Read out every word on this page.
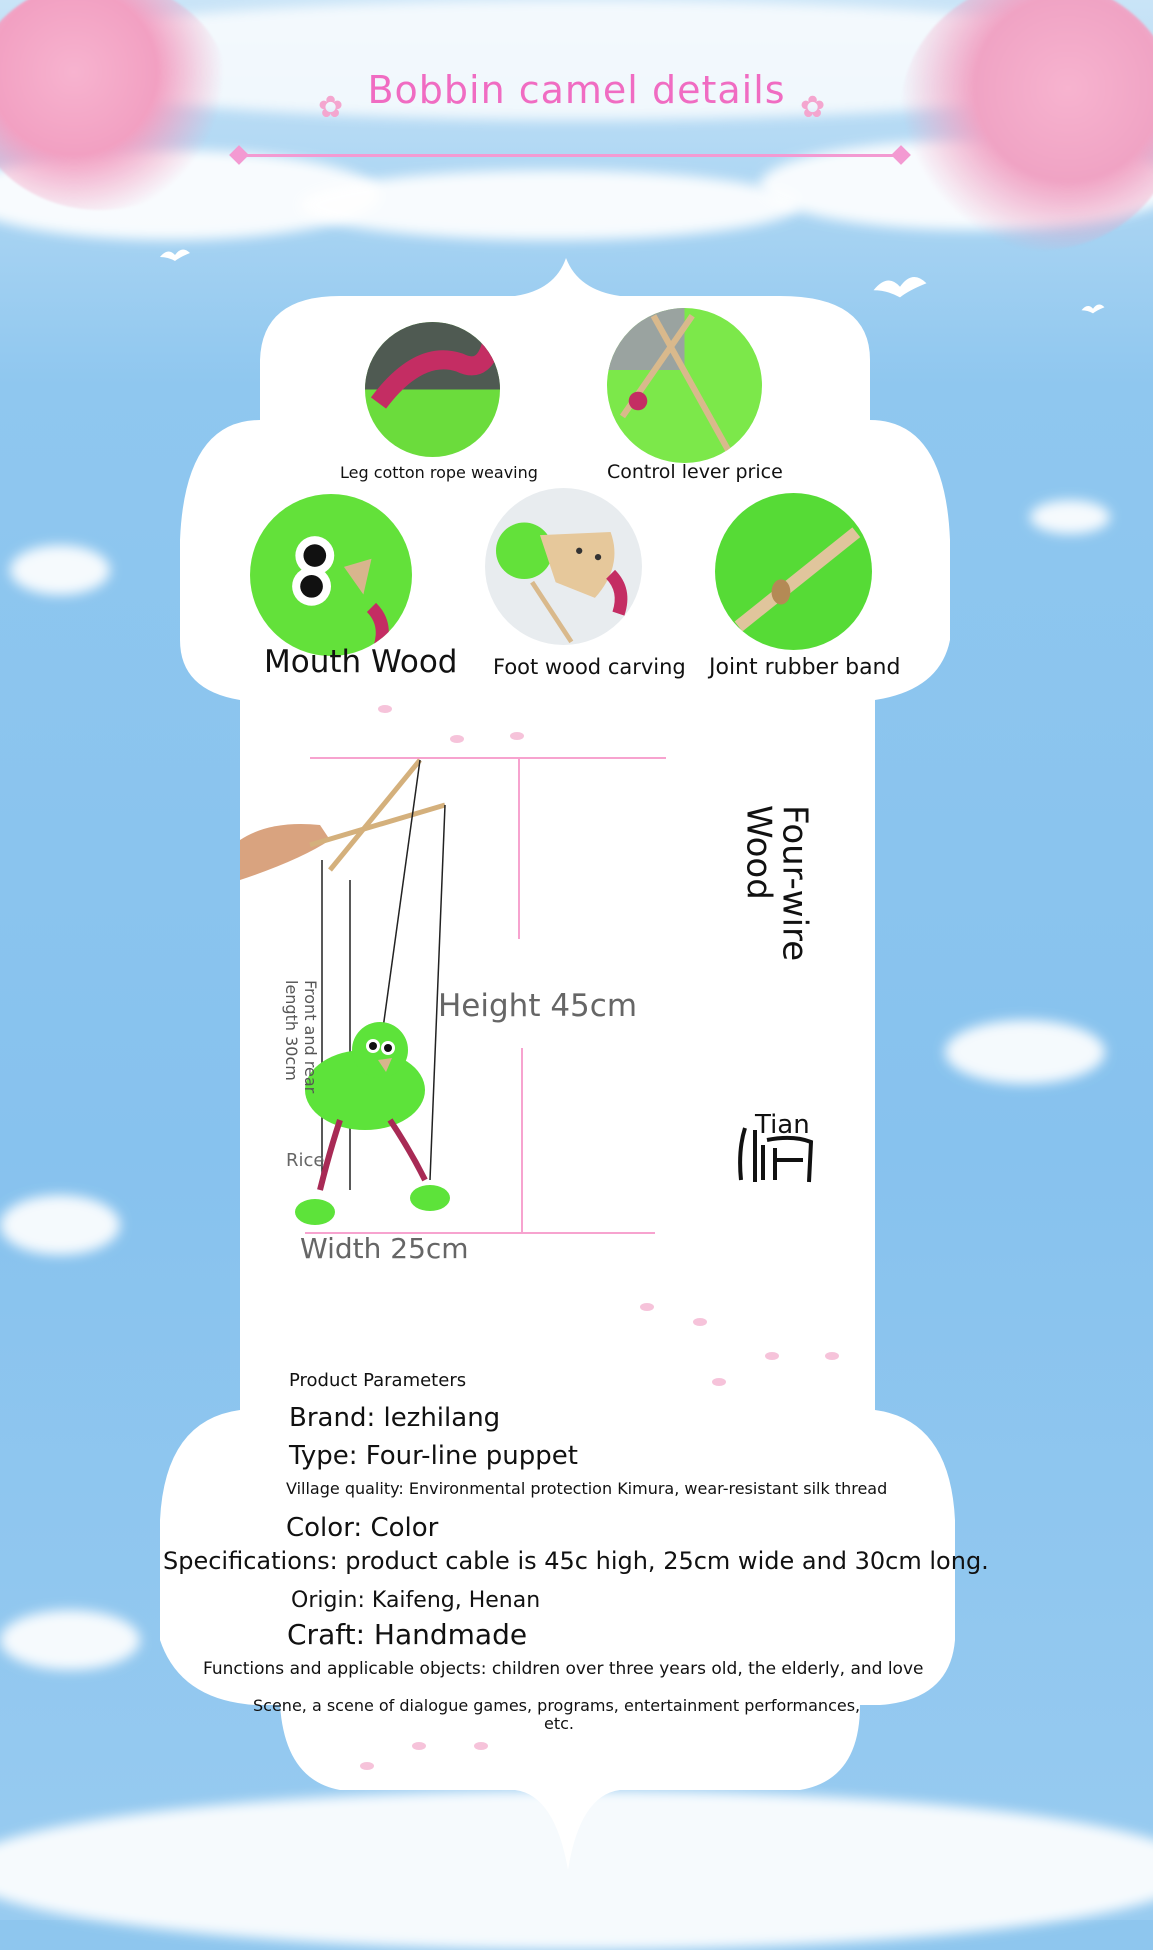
✿	✿
Bobbin camel details
Leg cotton rope weaving	Control lever price
Mouth Wood Foot wood carving Joint rubber band
Height 45cm
Width 25cm
Front and rear length 30cm
Rice
Four-wire Wood
Tian
Product Parameters
Brand: lezhilang
Type: Four-line puppet
Village quality: Environmental protection Kimura, wear-resistant silk thread
Color: Color
Specifications: product cable is 45c high, 25cm wide and 30cm long.
Origin: Kaifeng, Henan
Craft: Handmade
Functions and applicable objects: children over three years old, the elderly, and love
Scene, a scene of dialogue games, programs, entertainment performances,
etc.
